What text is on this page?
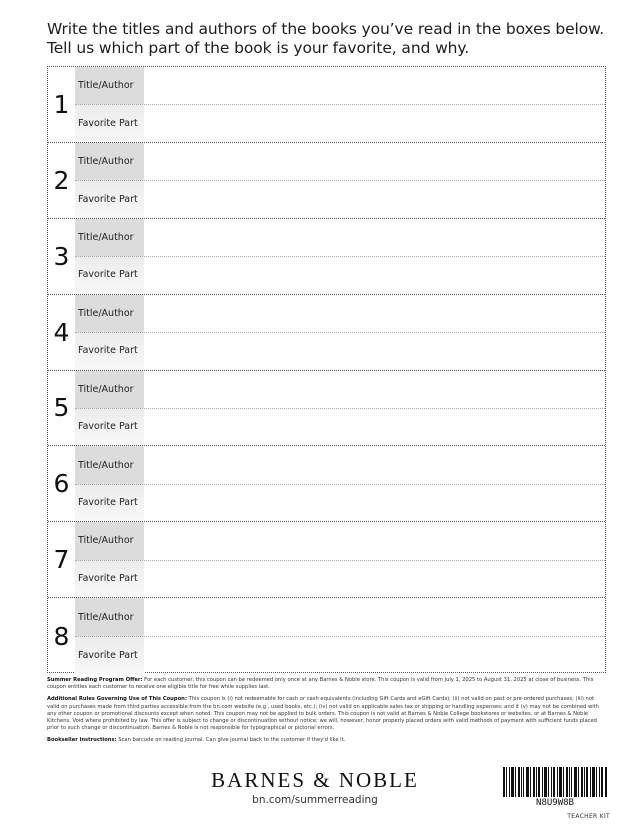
Write the titles and authors of the books you’ve read in the boxes below.
Tell us which part of the book is your favorite, and why.
1
Title/Author
Favorite Part
2
Title/Author
Favorite Part
3
Title/Author
Favorite Part
4
Title/Author
Favorite Part
5
Title/Author
Favorite Part
6
Title/Author
Favorite Part
7
Title/Author
Favorite Part
8
Title/Author
Favorite Part

Summer Reading Program Offer: For each customer, this coupon can be redeemed only once at any Barnes & Noble store. This coupon is valid from July 1, 2025 to August 31, 2025 at close of business. This coupon entitles each customer to receive one eligible title for free while supplies last.

Additional Rules Governing Use of This Coupon: This coupon is (i) not redeemable for cash or cash equivalents (including Gift Cards and eGift Cards); (ii) not valid on past or pre-ordered purchases; (iii) not valid on purchases made from third parties accessible from the bn.com website (e.g., used books, etc.); (iv) not valid on applicable sales tax or shipping or handling expenses; and it (v) may not be combined with any other coupon or promotional discounts except when noted. This coupon may not be applied to bulk orders. This coupon is not valid at Barnes & Noble College bookstores or websites, or at Barnes & Noble Kitchens. Void where prohibited by law. This offer is subject to change or discontinuation without notice; we will, however, honor properly placed orders with valid methods of payment with sufficient funds placed prior to such change or discontinuation. Barnes & Noble is not responsible for typographical or pictorial errors.

Bookseller instructions: Scan barcode on reading journal. Can give journal back to the customer if they'd like it.

BARNES & NOBLE
bn.com/summerreading	N8U9W8B
TEACHER KIT
